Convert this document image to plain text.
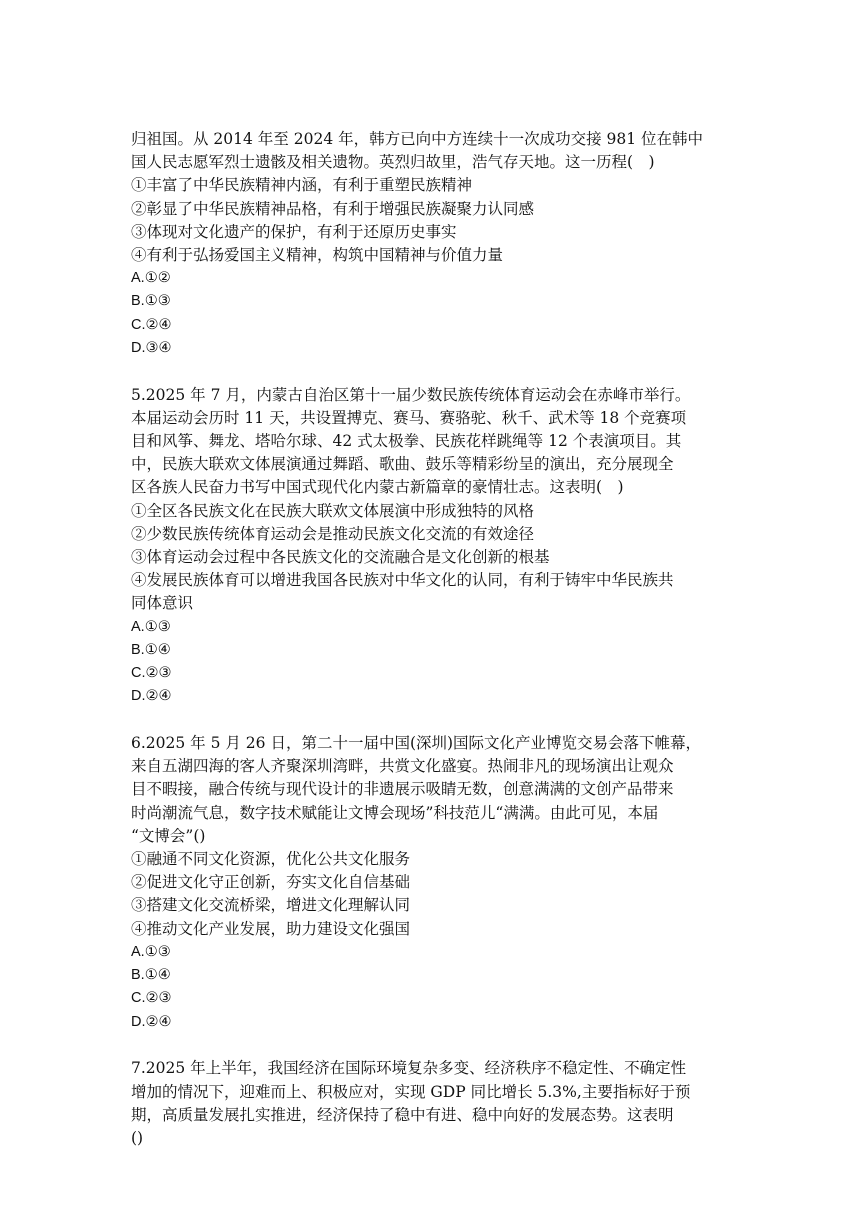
归祖国。从 2014 年至 2024 年，韩方已向中方连续十一次成功交接 981 位在韩中
国人民志愿军烈士遗骸及相关遗物。英烈归故里，浩气存天地。这一历程(　)

①丰富了中华民族精神内涵，有利于重塑民族精神
②彰显了中华民族精神品格，有利于增强民族凝聚力认同感
③体现对文化遗产的保护，有利于还原历史事实
④有利于弘扬爱国主义精神，构筑中国精神与价值力量
A.①②
B.①③
C.②④
D.③④

5.2025 年 7 月，内蒙古自治区第十一届少数民族传统体育运动会在赤峰市举行。
本届运动会历时 11 天，共设置搏克、赛马、赛骆驼、秋千、武术等 18 个竞赛项
目和风筝、舞龙、塔哈尔球、42 式太极拳、民族花样跳绳等 12 个表演项目。其
中，民族大联欢文体展演通过舞蹈、歌曲、鼓乐等精彩纷呈的演出，充分展现全
区各族人民奋力书写中国式现代化内蒙古新篇章的豪情壮志。这表明(　)

①全区各民族文化在民族大联欢文体展演中形成独特的风格
②少数民族传统体育运动会是推动民族文化交流的有效途径
③体育运动会过程中各民族文化的交流融合是文化创新的根基
④发展民族体育可以增进我国各民族对中华文化的认同，有利于铸牢中华民族共
同体意识
A.①③
B.①④
C.②③
D.②④

6.2025 年 5 月 26 日，第二十一届中国(深圳)国际文化产业博览交易会落下帷幕，
来自五湖四海的客人齐聚深圳湾畔，共赏文化盛宴。热闹非凡的现场演出让观众
目不暇接，融合传统与现代设计的非遗展示吸睛无数，创意满满的文创产品带来
时尚潮流气息，数字技术赋能让文博会现场”科技范儿“满满。由此可见，本届
“文博会”()

①融通不同文化资源，优化公共文化服务
②促进文化守正创新，夯实文化自信基础
③搭建文化交流桥梁，增进文化理解认同
④推动文化产业发展，助力建设文化强国
A.①③
B.①④
C.②③
D.②④

7.2025 年上半年，我国经济在国际环境复杂多变、经济秩序不稳定性、不确定性
增加的情况下，迎难而上、积极应对，实现 GDP 同比增长 5.3%,主要指标好于预
期，高质量发展扎实推进，经济保持了稳中有进、稳中向好的发展态势。这表明
()
